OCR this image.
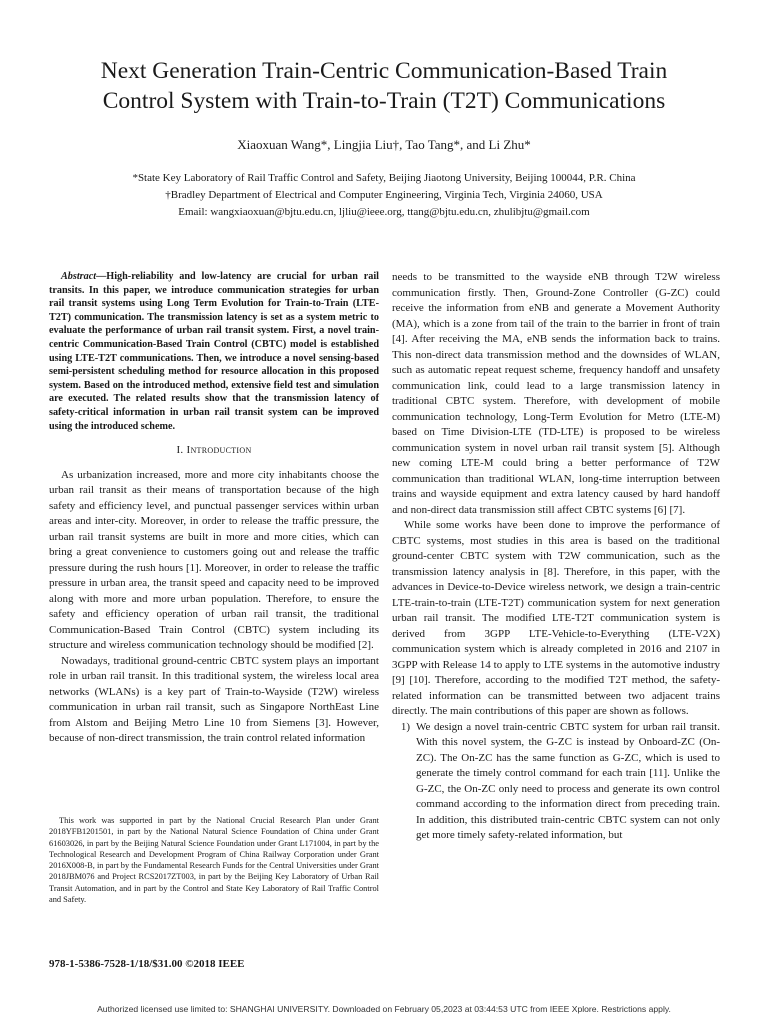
Next Generation Train-Centric Communication-Based Train
Control System with Train-to-Train (T2T) Communications
Xiaoxuan Wang*, Lingjia Liu†, Tao Tang*, and Li Zhu*
*State Key Laboratory of Rail Traffic Control and Safety, Beijing Jiaotong University, Beijing 100044, P.R. China
†Bradley Department of Electrical and Computer Engineering, Virginia Tech, Virginia 24060, USA
Email: wangxiaoxuan@bjtu.edu.cn, ljliu@ieee.org, ttang@bjtu.edu.cn, zhulibjtu@gmail.com

Abstract—High-reliability and low-latency are crucial for urban rail transits. In this paper, we introduce communication strategies for urban rail transit systems using Long Term Evolution for Train-to-Train (LTE-T2T) communication. The transmission latency is set as a system metric to evaluate the performance of urban rail transit system. First, a novel train-centric Communication-Based Train Control (CBTC) model is established using LTE-T2T communications. Then, we introduce a novel sensing-based semi-persistent scheduling method for resource allocation in this proposed system. Based on the introduced method, extensive field test and simulation are executed. The related results show that the transmission latency of safety-critical information in urban rail transit system can be improved using the introduced scheme.

I. Introduction

As urbanization increased, more and more city inhabitants choose the urban rail transit as their means of transportation because of the high safety and efficiency level, and punctual passenger services within urban areas and inter-city. Moreover, in order to release the traffic pressure, the urban rail transit systems are built in more and more cities, which can bring a great convenience to customers going out and release the traffic pressure during the rush hours [1]. Moreover, in order to release the traffic pressure in urban area, the transit speed and capacity need to be improved along with more and more urban population. Therefore, to ensure the safety and efficiency operation of urban rail transit, the traditional Communication-Based Train Control (CBTC) system including its structure and wireless communication technology should be modified [2].

Nowadays, traditional ground-centric CBTC system plays an important role in urban rail transit. In this traditional system, the wireless local area networks (WLANs) is a key part of Train-to-Wayside (T2W) wireless communication in urban rail transit, such as Singapore NorthEast Line from Alstom and Beijing Metro Line 10 from Siemens [3]. However, because of non-direct transmission, the train control related information

This work was supported in part by the National Crucial Research Plan under Grant 2018YFB1201501, in part by the National Natural Science Foundation of China under Grant 61603026, in part by the Beijing Natural Science Foundation under Grant L171004, in part by the Technological Research and Development Program of China Railway Corporation under Grant 2016X008-B, in part by the Fundamental Research Funds for the Central Universities under Grant 2018JBM076 and Project RCS2017ZT003, in part by the Beijing Key Laboratory of Urban Rail Transit Automation, and in part by the Control and State Key Laboratory of Rail Traffic Control and Safety.
978-1-5386-7528-1/18/$31.00 ©2018 IEEE

needs to be transmitted to the wayside eNB through T2W wireless communication firstly. Then, Ground-Zone Controller (G-ZC) could receive the information from eNB and generate a Movement Authority (MA), which is a zone from tail of the train to the barrier in front of train [4]. After receiving the MA, eNB sends the information back to trains. This non-direct data transmission method and the downsides of WLAN, such as automatic repeat request scheme, frequency handoff and unsafety communication link, could lead to a large transmission latency in traditional CBTC system. Therefore, with development of mobile communication technology, Long-Term Evolution for Metro (LTE-M) based on Time Division-LTE (TD-LTE) is proposed to be wireless communication system in novel urban rail transit system [5]. Although new coming LTE-M could bring a better performance of T2W communication than traditional WLAN, long-time interruption between trains and wayside equipment and extra latency caused by hard handoff and non-direct data transmission still affect CBTC systems [6] [7].

While some works have been done to improve the performance of CBTC systems, most studies in this area is based on the traditional ground-center CBTC system with T2W communication, such as the transmission latency analysis in [8]. Therefore, in this paper, with the advances in Device-to-Device wireless network, we design a train-centric LTE-train-to-train (LTE-T2T) communication system for next generation urban rail transit. The modified LTE-T2T communication system is derived from 3GPP LTE-Vehicle-to-Everything (LTE-V2X) communication system which is already completed in 2016 and 2107 in 3GPP with Release 14 to apply to LTE systems in the automotive industry [9] [10]. Therefore, according to the modified T2T method, the safety-related information can be transmitted between two adjacent trains directly. The main contributions of this paper are shown as follows.

1) We design a novel train-centric CBTC system for urban rail transit. With this novel system, the G-ZC is instead by Onboard-ZC (On-ZC). The On-ZC has the same function as G-ZC, which is used to generate the timely control command for each train [11]. Unlike the G-ZC, the On-ZC only need to process and generate its own control command according to the information direct from preceding train. In addition, this distributed train-centric CBTC system can not only get more timely safety-related information, but
Authorized licensed use limited to: SHANGHAI UNIVERSITY. Downloaded on February 05,2023 at 03:44:53 UTC from IEEE Xplore. Restrictions apply.
